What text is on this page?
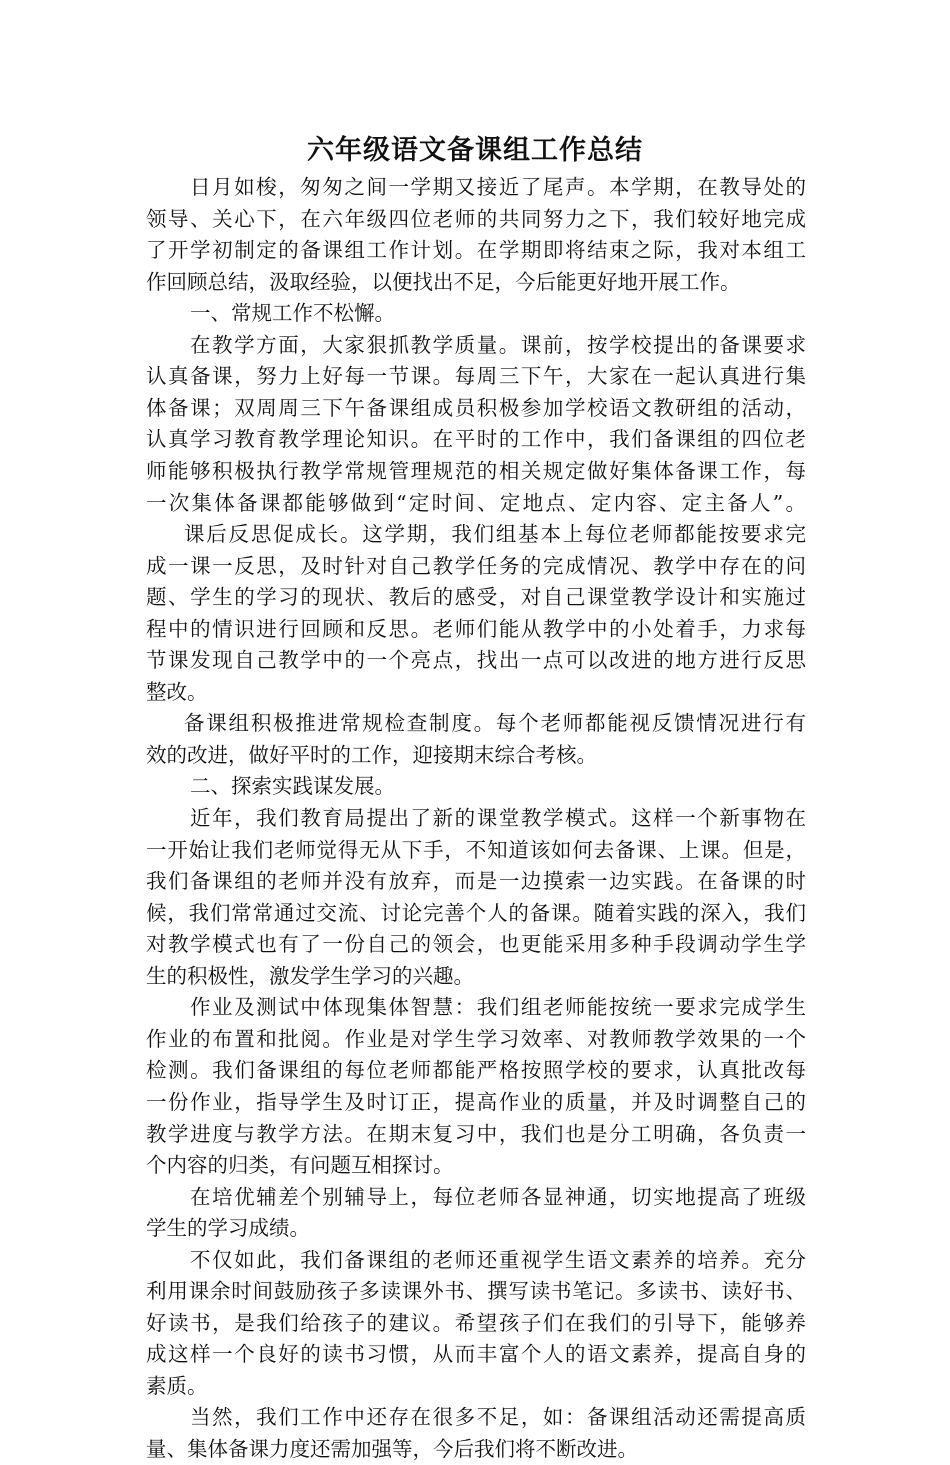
六年级语文备课组工作总结
日月如梭，匆匆之间一学期又接近了尾声。本学期，在教导处的
领导、关心下，在六年级四位老师的共同努力之下，我们较好地完成
了开学初制定的备课组工作计划。在学期即将结束之际，我对本组工
作回顾总结，汲取经验，以便找出不足，今后能更好地开展工作。
一、常规工作不松懈。
在教学方面，大家狠抓教学质量。课前，按学校提出的备课要求
认真备课，努力上好每一节课。每周三下午，大家在一起认真进行集
体备课；双周周三下午备课组成员积极参加学校语文教研组的活动，
认真学习教育教学理论知识。在平时的工作中，我们备课组的四位老
师能够积极执行教学常规管理规范的相关规定做好集体备课工作，每
一次集体备课都能够做到“定时间、定地点、定内容、定主备人”。
课后反思促成长。这学期，我们组基本上每位老师都能按要求完
成一课一反思，及时针对自己教学任务的完成情况、教学中存在的问
题、学生的学习的现状、教后的感受，对自己课堂教学设计和实施过
程中的情识进行回顾和反思。老师们能从教学中的小处着手，力求每
节课发现自己教学中的一个亮点，找出一点可以改进的地方进行反思
整改。
备课组积极推进常规检查制度。每个老师都能视反馈情况进行有
效的改进，做好平时的工作，迎接期末综合考核。
二、探索实践谋发展。
近年，我们教育局提出了新的课堂教学模式。这样一个新事物在
一开始让我们老师觉得无从下手，不知道该如何去备课、上课。但是，
我们备课组的老师并没有放弃，而是一边摸索一边实践。在备课的时
候，我们常常通过交流、讨论完善个人的备课。随着实践的深入，我们
对教学模式也有了一份自己的领会，也更能采用多种手段调动学生学
生的积极性，激发学生学习的兴趣。
作业及测试中体现集体智慧：我们组老师能按统一要求完成学生
作业的布置和批阅。作业是对学生学习效率、对教师教学效果的一个
检测。我们备课组的每位老师都能严格按照学校的要求，认真批改每
一份作业，指导学生及时订正，提高作业的质量，并及时调整自己的
教学进度与教学方法。在期末复习中，我们也是分工明确，各负责一
个内容的归类，有问题互相探讨。
在培优辅差个别辅导上，每位老师各显神通，切实地提高了班级
学生的学习成绩。
不仅如此，我们备课组的老师还重视学生语文素养的培养。充分
利用课余时间鼓励孩子多读课外书、撰写读书笔记。多读书、读好书、
好读书，是我们给孩子的建议。希望孩子们在我们的引导下，能够养
成这样一个良好的读书习惯，从而丰富个人的语文素养，提高自身的
素质。
当然，我们工作中还存在很多不足，如：备课组活动还需提高质
量、集体备课力度还需加强等，今后我们将不断改进。
